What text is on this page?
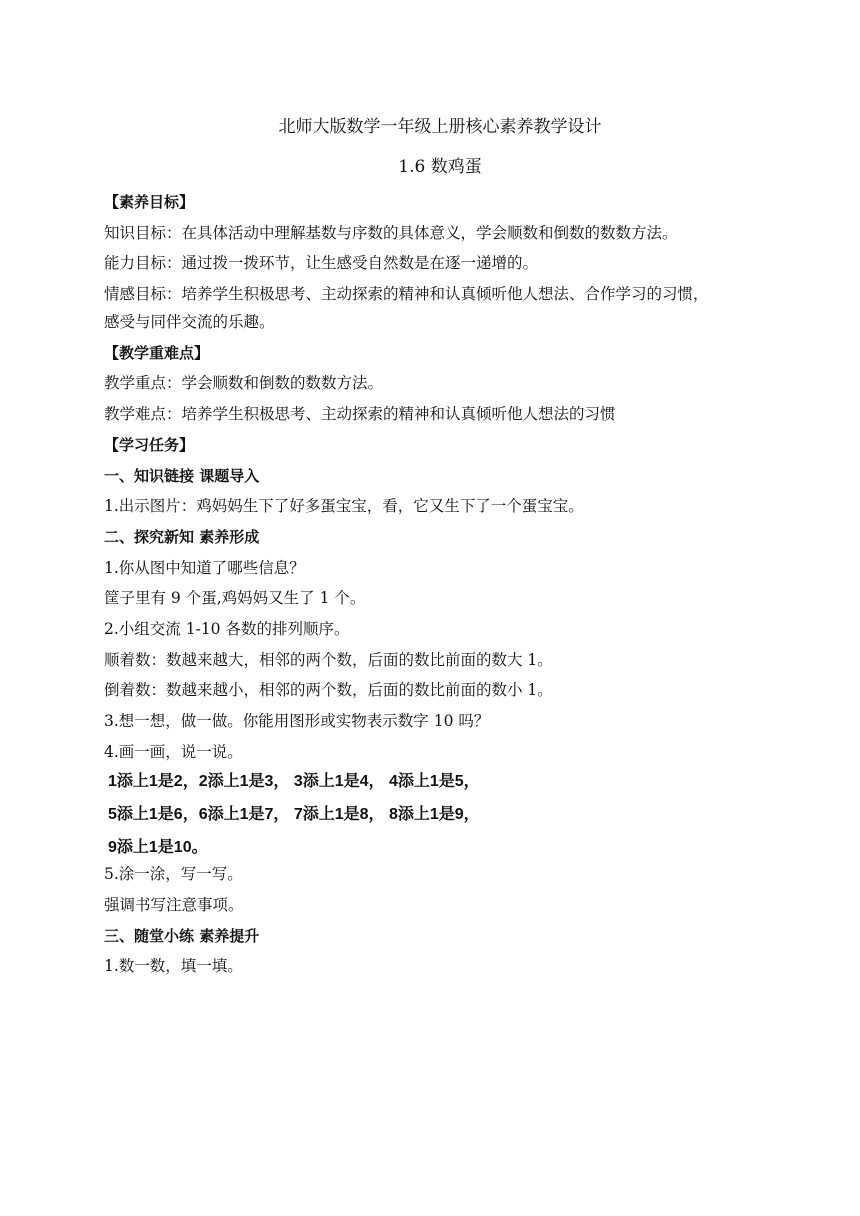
北师大版数学一年级上册核心素养教学设计
1.6 数鸡蛋
【素养目标】
知识目标：在具体活动中理解基数与序数的具体意义，学会顺数和倒数的数数方法。
能力目标：通过拨一拨环节，让生感受自然数是在逐一递增的。
情感目标：培养学生积极思考、主动探索的精神和认真倾听他人想法、合作学习的习惯，
感受与同伴交流的乐趣。
【教学重难点】
教学重点：学会顺数和倒数的数数方法。
教学难点：培养学生积极思考、主动探索的精神和认真倾听他人想法的习惯
【学习任务】
一、知识链接 课题导入
1.出示图片：鸡妈妈生下了好多蛋宝宝，看，它又生下了一个蛋宝宝。
二、探究新知 素养形成
1.你从图中知道了哪些信息？
筐子里有 9 个蛋,鸡妈妈又生了 1 个。
2.小组交流 1-10 各数的排列顺序。
顺着数：数越来越大，相邻的两个数，后面的数比前面的数大 1。
倒着数：数越来越小，相邻的两个数，后面的数比前面的数小 1。
3.想一想，做一做。你能用图形或实物表示数字 10 吗？
4.画一画，说一说。
1添上1是2，2添上1是3， 3添上1是4， 4添上1是5，
5添上1是6，6添上1是7， 7添上1是8， 8添上1是9，
9添上1是10。
5.涂一涂，写一写。
强调书写注意事项。
三、随堂小练 素养提升
1.数一数，填一填。
